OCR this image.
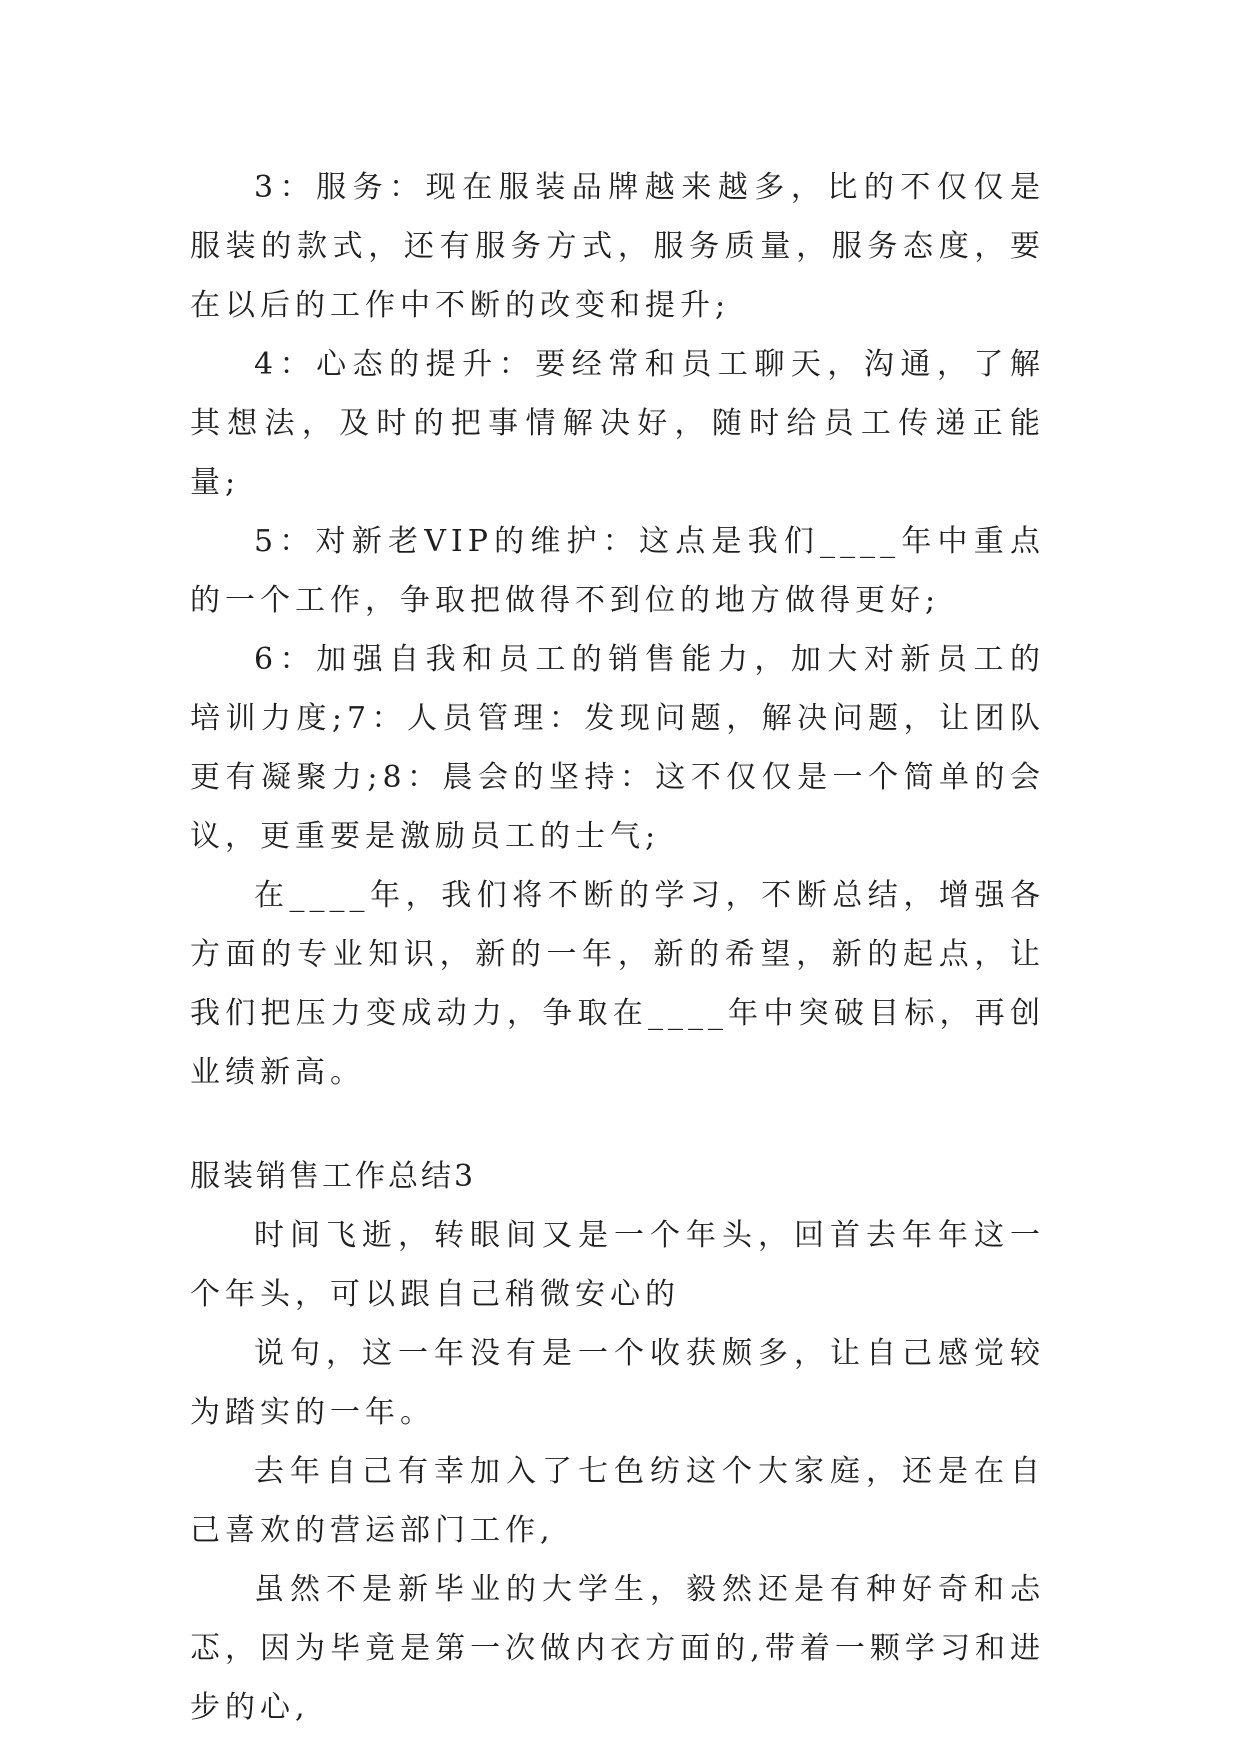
3：服务：现在服装品牌越来越多，比的不仅仅是服装的款式，还有服务方式，服务质量，服务态度，要在以后的工作中不断的改变和提升;

4：心态的提升：要经常和员工聊天，沟通，了解其想法，及时的把事情解决好，随时给员工传递正能量;

5：对新老VIP的维护：这点是我们____年中重点的一个工作，争取把做得不到位的地方做得更好;

6：加强自我和员工的销售能力，加大对新员工的培训力度;7：人员管理：发现问题，解决问题，让团队更有凝聚力;8：晨会的坚持：这不仅仅是一个简单的会议，更重要是激励员工的士气;

在____年，我们将不断的学习，不断总结，增强各方面的专业知识，新的一年，新的希望，新的起点，让我们把压力变成动力，争取在____年中突破目标，再创业绩新高。

服装销售工作总结3

时间飞逝，转眼间又是一个年头，回首去年年这一个年头，可以跟自己稍微安心的

说句，这一年没有是一个收获颇多，让自己感觉较为踏实的一年。

去年自己有幸加入了七色纺这个大家庭，还是在自己喜欢的营运部门工作,

虽然不是新毕业的大学生，毅然还是有种好奇和忐忑，因为毕竟是第一次做内衣方面的,带着一颗学习和进步的心,
